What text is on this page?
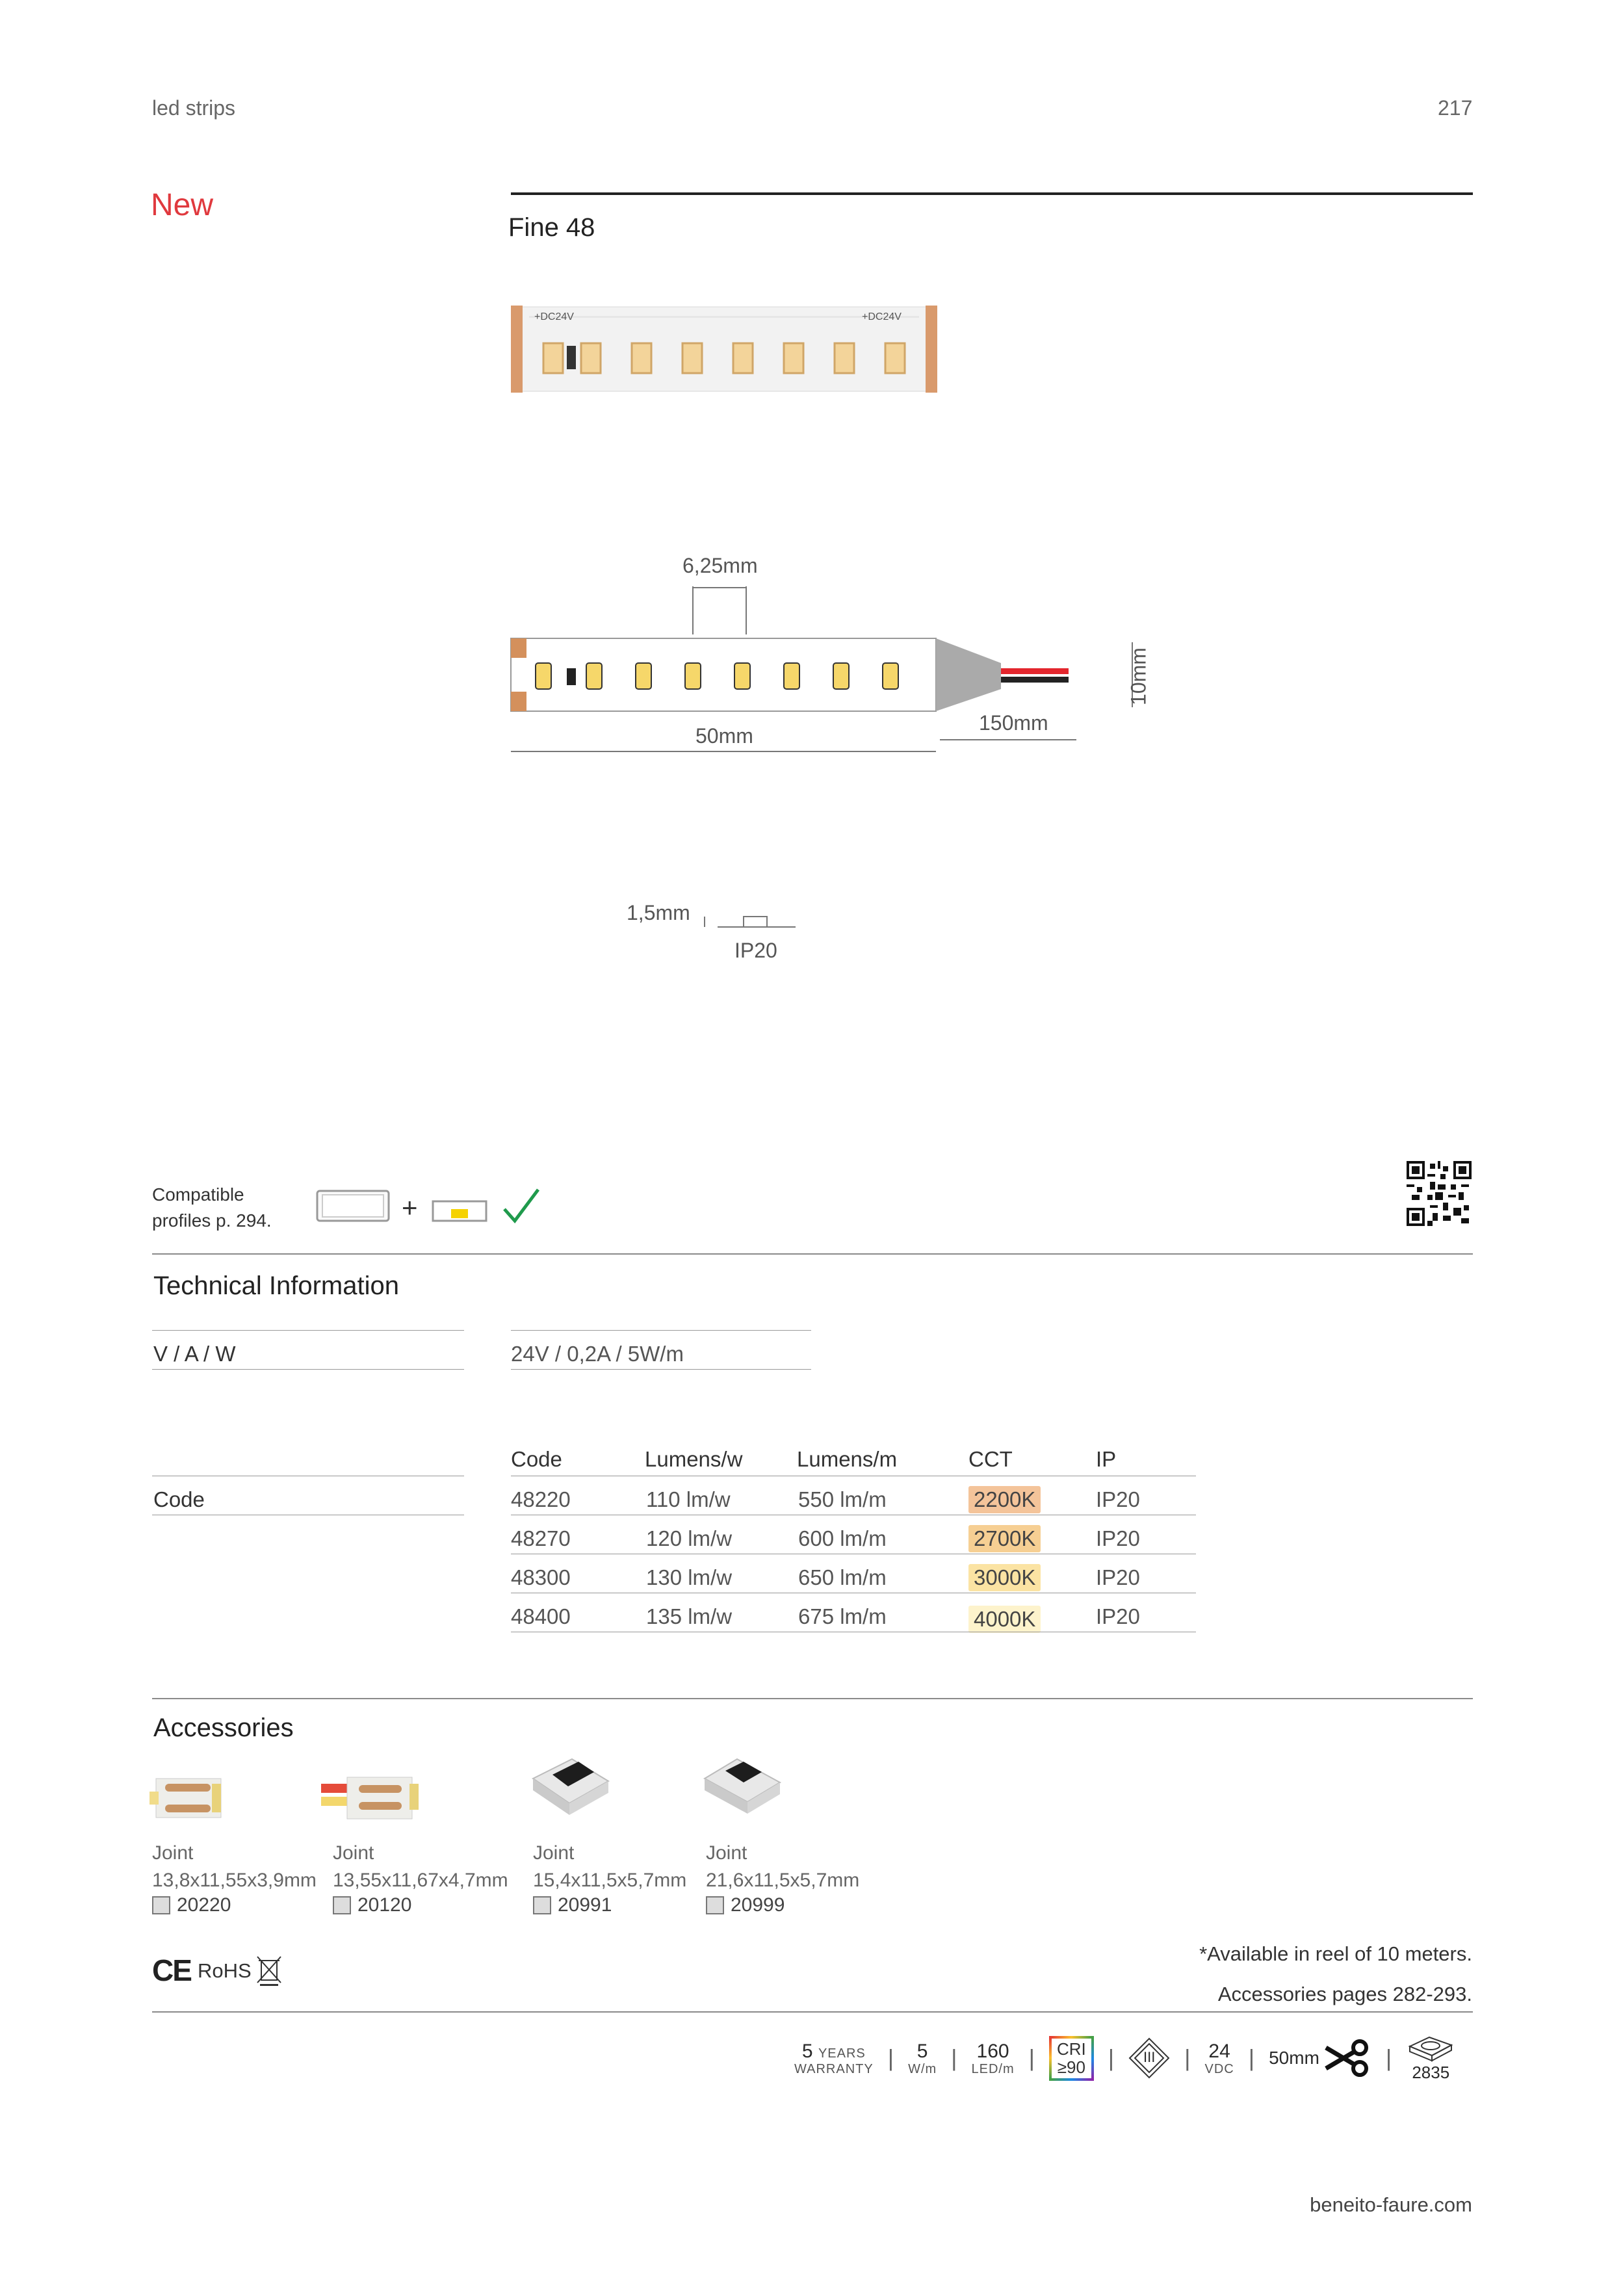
led strips	217
New
Fine 48
+DC24V	+DC24V
6,25mm
10mm
50mm
150mm
1,5mm
IP20
Compatible
profiles p. 294.	+
Technical Information
V / A / W	24V / 0,2A / 5W/m
Code
Code	Lumens/w	Lumens/m	CCT	IP
48220	110 lm/w	550 lm/m	2200K	IP20
48270	120 lm/w	600 lm/m	2700K	IP20
48300	130 lm/w	650 lm/m	3000K	IP20
48400	135 lm/w	675 lm/m	4000K	IP20
Accessories
Joint
13,8x11,55x3,9mm
20220
Joint
13,55x11,67x4,7mm
20120
Joint
15,4x11,5x5,7mm
20991
Joint
21,6x11,5x5,7mm
20999
CE RoHS
*Available in reel of 10 meters.
Accessories pages 282-293.
5 YEARS
WARRANTY | 5
W/m | 160
LED/m | CRI
≥90 |	III	| 24
VDC | 50mm	|
2835
beneito-faure.com
